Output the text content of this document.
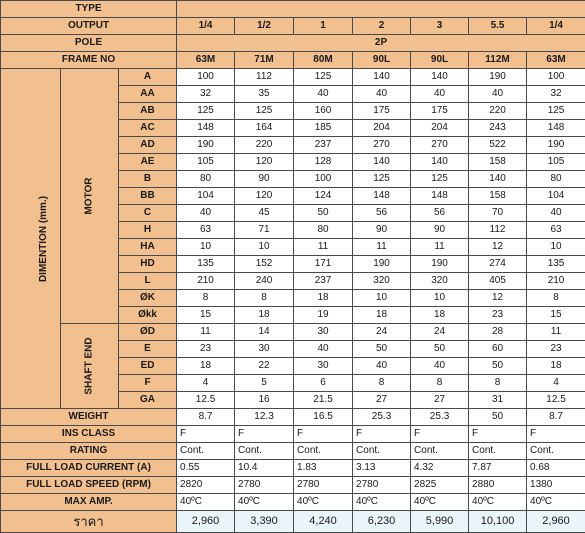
TYPE									
OUTPUT			1/4	1/2	1	2	3	5.5	1/4
POLE			2P						
FRAME NO			63M	71M	80M	90L	90L	112M	63M
DIMENTION (mm.)	MOTOR	A	100	112	125	140	140	190	100
		AA	32	35	40	40	40	40	32
		AB	125	125	160	175	175	220	125
		AC	148	164	185	204	204	243	148
		AD	190	220	237	270	270	522	190
		AE	105	120	128	140	140	158	105
		B	80	90	100	125	125	140	80
		BB	104	120	124	148	148	158	104
		C	40	45	50	56	56	70	40
		H	63	71	80	90	90	112	63
		HA	10	10	11	11	11	12	10
		HD	135	152	171	190	190	274	135
		L	210	240	237	320	320	405	210
		ØK	8	8	18	10	10	12	8
		Økk	15	18	19	18	18	23	15
	SHAFT END	ØD	11	14	30	24	24	28	11
		E	23	30	40	50	50	60	23
		ED	18	22	30	40	40	50	18
		F	4	5	6	8	8	8	4
		GA	12.5	16	21.5	27	27	31	12.5
WEIGHT			8.7	12.3	16.5	25.3	25.3	50	8.7
INS CLASS			F	F	F	F	F	F	F
RATING			Cont.	Cont.	Cont.	Cont.	Cont.	Cont.	Cont.
FULL LOAD CURRENT (A)			0.55	10.4	1.83	3.13	4.32	7.87	0.68
FULL LOAD SPEED (RPM)			2820	2780	2780	2780	2825	2880	1380
MAX AMP.			40ºC	40ºC	40ºC	40ºC	40ºC	40ºC	40ºC
ราคา			2,960	3,390	4,240	6,230	5,990	10,100	2,960
